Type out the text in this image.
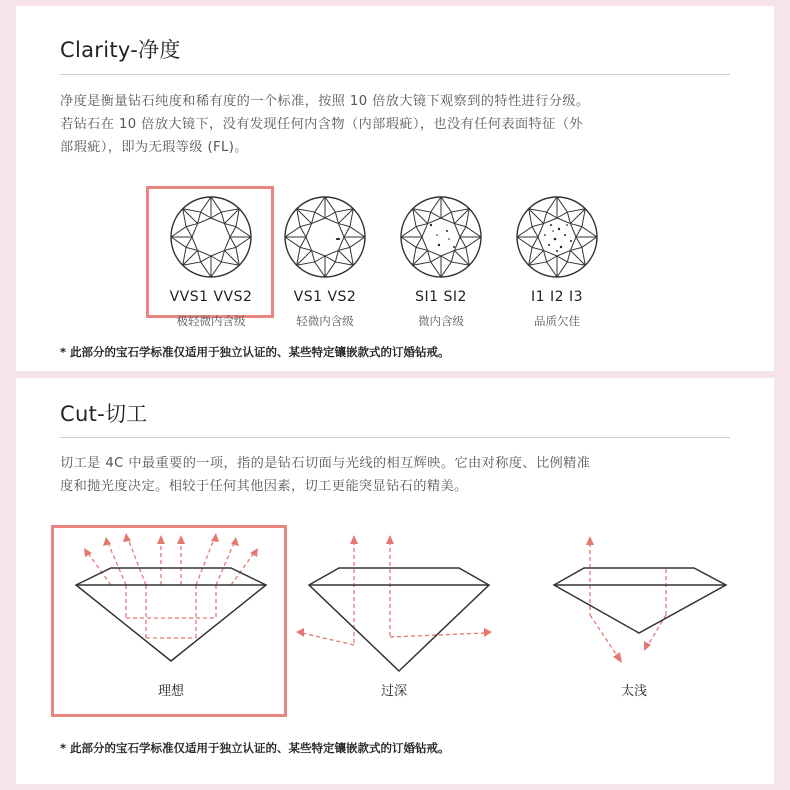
Clarity-净度
净度是衡量钻石纯度和稀有度的一个标准，按照 10 倍放大镜下观察到的特性进行分级。
若钻石在 10 倍放大镜下，没有发现任何内含物（内部瑕疵），也没有任何表面特征（外
部瑕疵），即为无瑕等级 (FL)。
VVS1 VVS2
极轻微内含级
VS1 VS2
轻微内含级
SI1 SI2
微内含级
I1 I2 I3
品质欠佳
* 此部分的宝石学标准仅适用于独立认证的、某些特定镶嵌款式的订婚钻戒。
Cut-切工
切工是 4C 中最重要的一项，指的是钻石切面与光线的相互辉映。它由对称度、比例精准
度和抛光度决定。相较于任何其他因素，切工更能突显钻石的精美。
理想	过深	太浅
* 此部分的宝石学标准仅适用于独立认证的、某些特定镶嵌款式的订婚钻戒。
